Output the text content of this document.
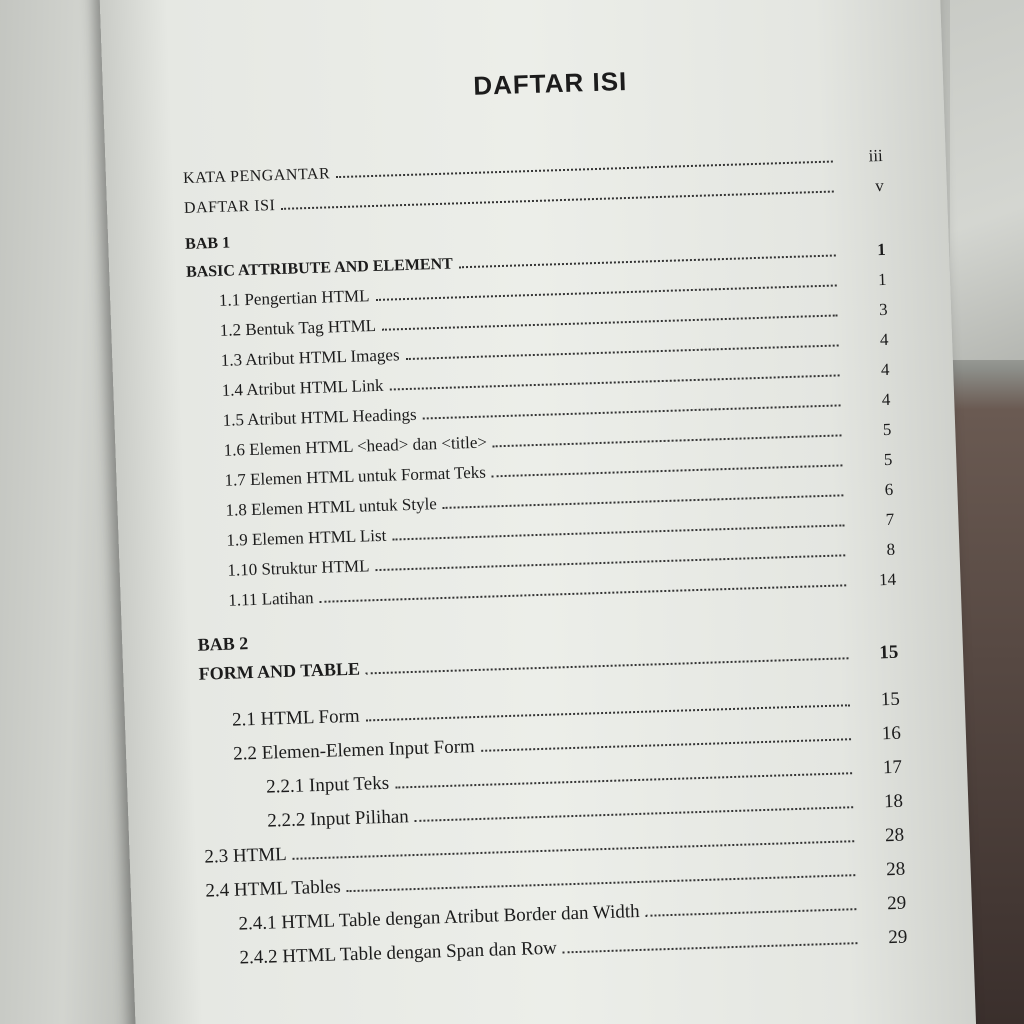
DAFTAR ISI
KATA PENGANTAR
iii
DAFTAR ISI
v
BAB 1
BASIC ATTRIBUTE AND ELEMENT
1
1.1 Pengertian HTML
1
1.2 Bentuk Tag HTML
3
1.3 Atribut HTML Images
4
1.4 Atribut HTML Link
4
1.5 Atribut HTML Headings
4
1.6 Elemen HTML <head> dan <title>
5
1.7 Elemen HTML untuk Format Teks
5
1.8 Elemen HTML untuk Style
6
1.9 Elemen HTML List
7
1.10 Struktur HTML
8
1.11 Latihan
14
BAB 2
FORM AND TABLE
15
2.1 HTML Form
15
2.2 Elemen-Elemen Input Form
16
2.2.1 Input Teks
17
2.2.2 Input Pilihan
18
2.3 HTML
28
2.4 HTML Tables
28
2.4.1 HTML Table dengan Atribut Border dan Width	29
2.4.2 HTML Table dengan Span dan Row
29
